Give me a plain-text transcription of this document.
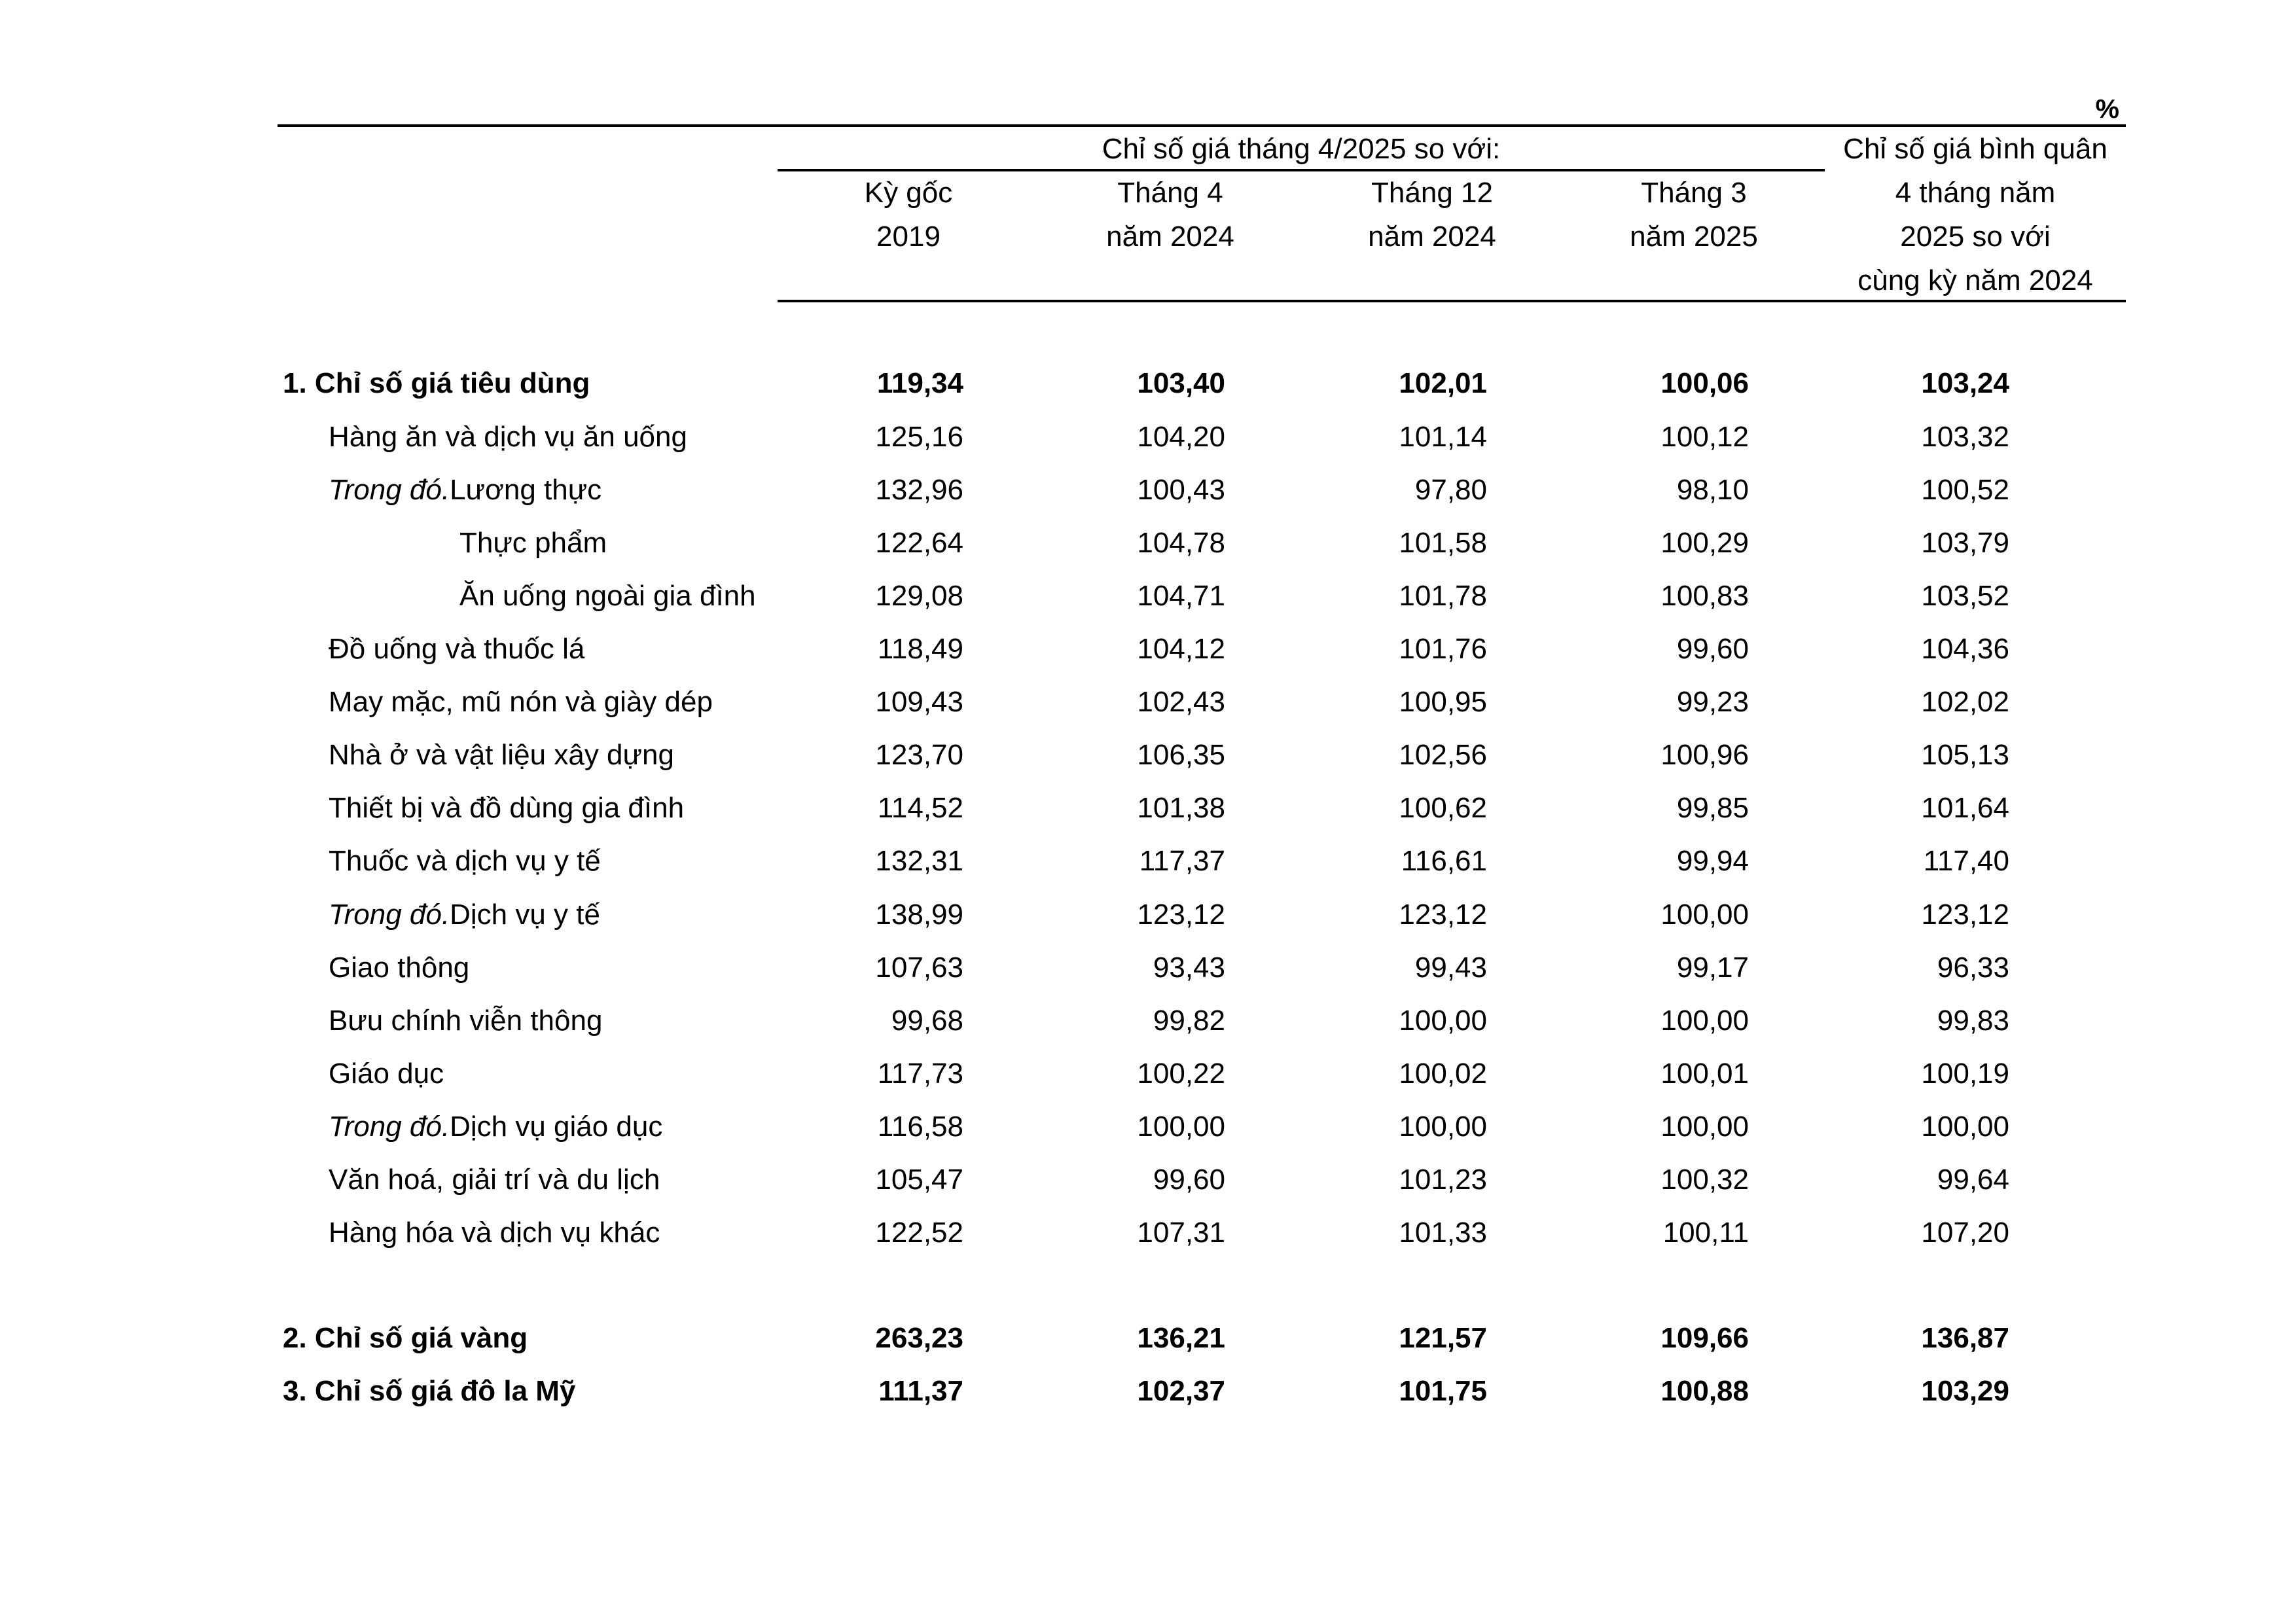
%
Chỉ số giá tháng 4/2025 so với:
Kỳ gốc
2019
Tháng 4
năm 2024
Tháng 12
năm 2024
Tháng 3
năm 2025
Chỉ số giá bình quân
4 tháng năm
2025 so với
cùng kỳ năm 2024
1. Chỉ số giá tiêu dùng	119,34	103,40	102,01	100,06	103,24
Hàng ăn và dịch vụ ăn uống	125,16	104,20	101,14	100,12	103,32
Trong đó.Lương thực	132,96	100,43	97,80	98,10	100,52
Thực phẩm	122,64	104,78	101,58	100,29	103,79
Ăn uống ngoài gia đình	129,08	104,71	101,78	100,83	103,52
Đồ uống và thuốc lá	118,49	104,12	101,76	99,60	104,36
May mặc, mũ nón và giày dép	109,43	102,43	100,95	99,23	102,02
Nhà ở và vật liệu xây dựng	123,70	106,35	102,56	100,96	105,13
Thiết bị và đồ dùng gia đình	114,52	101,38	100,62	99,85	101,64
Thuốc và dịch vụ y tế	132,31	117,37	116,61	99,94	117,40
Trong đó.Dịch vụ y tế	138,99	123,12	123,12	100,00	123,12
Giao thông	107,63	93,43	99,43	99,17	96,33
Bưu chính viễn thông	99,68	99,82	100,00	100,00	99,83
Giáo dục	117,73	100,22	100,02	100,01	100,19
Trong đó.Dịch vụ giáo dục	116,58	100,00	100,00	100,00	100,00
Văn hoá, giải trí và du lịch	105,47	99,60	101,23	100,32	99,64
Hàng hóa và dịch vụ khác	122,52	107,31	101,33	100,11	107,20
2. Chỉ số giá vàng	263,23	136,21	121,57	109,66	136,87
3. Chỉ số giá đô la Mỹ	111,37	102,37	101,75	100,88	103,29
